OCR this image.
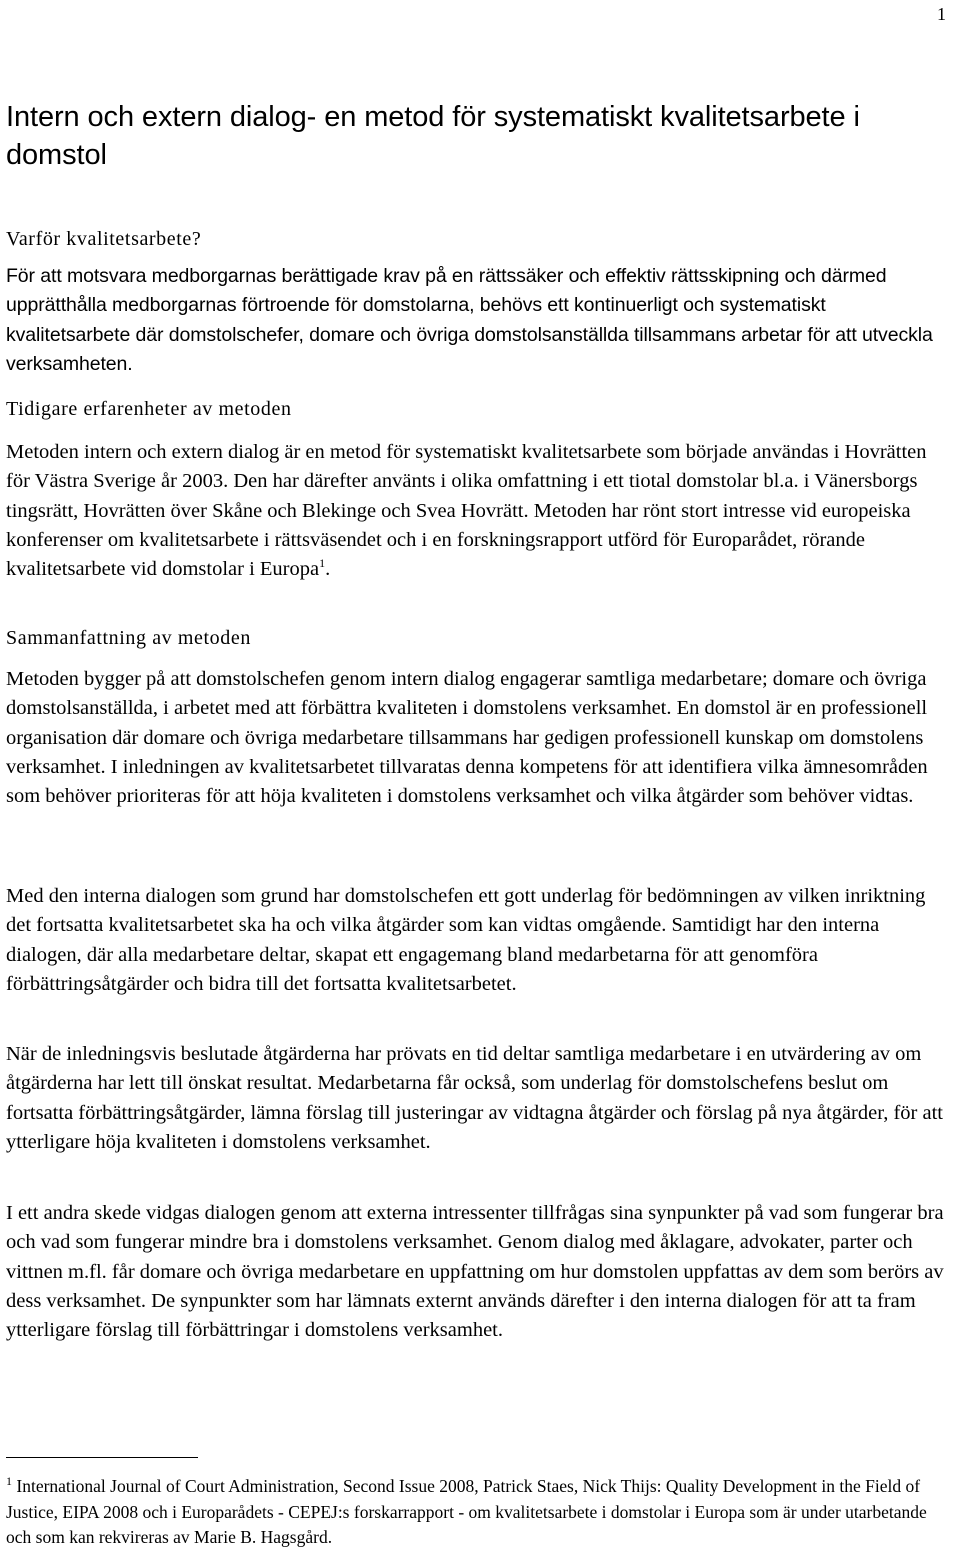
1
Intern och extern dialog- en metod för systematiskt kvalitetsarbete i domstol
Varför kvalitetsarbete?

För att motsvara medborgarnas berättigade krav på en rättssäker och effektiv rättsskipning och därmed upprätthålla medborgarnas förtroende för domstolarna, behövs ett kontinuerligt och systematiskt kvalitetsarbete där domstolschefer, domare och övriga domstolsanställda tillsammans arbetar för att utveckla verksamheten.

Tidigare erfarenheter av metoden

Metoden intern och extern dialog är en metod för systematiskt kvalitetsarbete som började användas i Hovrätten för Västra Sverige år 2003. Den har därefter använts i olika omfattning i ett tiotal domstolar bl.a. i Vänersborgs tingsrätt, Hovrätten över Skåne och Blekinge och Svea Hovrätt. Metoden har rönt stort intresse vid europeiska konferenser om kvalitetsarbete i rättsväsendet och i en forskningsrapport utförd för Europarådet, rörande kvalitetsarbete vid domstolar i Europa$^1$.

Sammanfattning av metoden

Metoden bygger på att domstolschefen genom intern dialog engagerar samtliga medarbetare; domare och övriga domstolsanställda, i arbetet med att förbättra kvaliteten i domstolens verksamhet. En domstol är en professionell organisation där domare och övriga medarbetare tillsammans har gedigen professionell kunskap om domstolens verksamhet. I inledningen av kvalitetsarbetet tillvaratas denna kompetens för att identifiera vilka ämnesområden som behöver prioriteras för att höja kvaliteten i domstolens verksamhet och vilka åtgärder som behöver vidtas.

Med den interna dialogen som grund har domstolschefen ett gott underlag för bedömningen av vilken inriktning det fortsatta kvalitetsarbetet ska ha och vilka åtgärder som kan vidtas omgående. Samtidigt har den interna dialogen, där alla medarbetare deltar, skapat ett engagemang bland medarbetarna för att genomföra förbättringsåtgärder och bidra till det fortsatta kvalitetsarbetet.

När de inledningsvis beslutade åtgärderna har prövats en tid deltar samtliga medarbetare i en utvärdering av om åtgärderna har lett till önskat resultat. Medarbetarna får också, som underlag för domstolschefens beslut om fortsatta förbättringsåtgärder, lämna förslag till justeringar av vidtagna åtgärder och förslag på nya åtgärder, för att ytterligare höja kvaliteten i domstolens verksamhet.

I ett andra skede vidgas dialogen genom att externa intressenter tillfrågas sina synpunkter på vad som fungerar bra och vad som fungerar mindre bra i domstolens verksamhet. Genom dialog med åklagare, advokater, parter och vittnen m.fl. får domare och övriga medarbetare en uppfattning om hur domstolen uppfattas av dem som berörs av dess verksamhet. De synpunkter som har lämnats externt används därefter i den interna dialogen för att ta fram ytterligare förslag till förbättringar i domstolens verksamhet.

$^1$ International Journal of Court Administration, Second Issue 2008, Patrick Staes, Nick Thijs: Quality Development in the Field of Justice, EIPA 2008 och i Europarådets - CEPEJ:s forskarrapport - om kvalitetsarbete i domstolar i Europa som är under utarbetande och som kan rekvireras av Marie B. Hagsgård.
